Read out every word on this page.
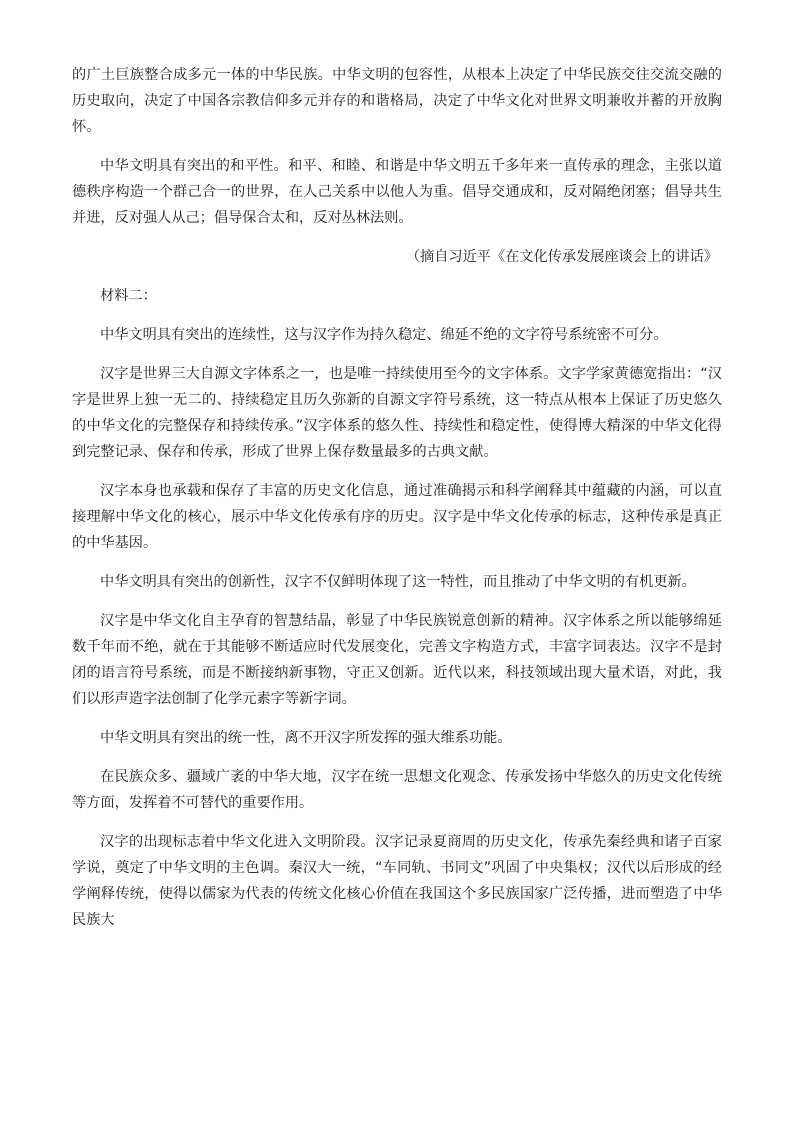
的广土巨族整合成多元一体的中华民族。中华文明的包容性，从根本上决定了中华民族交往交流交融的历史取向，决定了中国各宗教信仰多元并存的和谐格局，决定了中华文化对世界文明兼收并蓄的开放胸怀。

中华文明具有突出的和平性。和平、和睦、和谐是中华文明五千多年来一直传承的理念，主张以道德秩序构造一个群己合一的世界，在人己关系中以他人为重。倡导交通成和，反对隔绝闭塞；倡导共生并进，反对强人从己；倡导保合太和，反对丛林法则。

（摘自习近平《在文化传承发展座谈会上的讲话》

材料二：

中华文明具有突出的连续性，这与汉字作为持久稳定、绵延不绝的文字符号系统密不可分。

汉字是世界三大自源文字体系之一，也是唯一持续使用至今的文字体系。文字学家黄德宽指出：“汉字是世界上独一无二的、持续稳定且历久弥新的自源文字符号系统，这一特点从根本上保证了历史悠久的中华文化的完整保存和持续传承。”汉字体系的悠久性、持续性和稳定性，使得博大精深的中华文化得到完整记录、保存和传承，形成了世界上保存数量最多的古典文献。

汉字本身也承载和保存了丰富的历史文化信息，通过准确揭示和科学阐释其中蕴藏的内涵，可以直接理解中华文化的核心，展示中华文化传承有序的历史。汉字是中华文化传承的标志，这种传承是真正的中华基因。

中华文明具有突出的创新性，汉字不仅鲜明体现了这一特性，而且推动了中华文明的有机更新。

汉字是中华文化自主孕育的智慧结晶，彰显了中华民族锐意创新的精神。汉字体系之所以能够绵延数千年而不绝，就在于其能够不断适应时代发展变化，完善文字构造方式，丰富字词表达。汉字不是封闭的语言符号系统，而是不断接纳新事物，守正又创新。近代以来，科技领域出现大量术语，对此，我们以形声造字法创制了化学元素字等新字词。

中华文明具有突出的统一性，离不开汉字所发挥的强大维系功能。

在民族众多、疆域广袤的中华大地，汉字在统一思想文化观念、传承发扬中华悠久的历史文化传统等方面，发挥着不可替代的重要作用。

汉字的出现标志着中华文化进入文明阶段。汉字记录夏商周的历史文化，传承先秦经典和诸子百家学说，奠定了中华文明的主色调。秦汉大一统，“车同轨、书同文”巩固了中央集权；汉代以后形成的经学阐释传统，使得以儒家为代表的传统文化核心价值在我国这个多民族国家广泛传播，进而塑造了中华民族大
